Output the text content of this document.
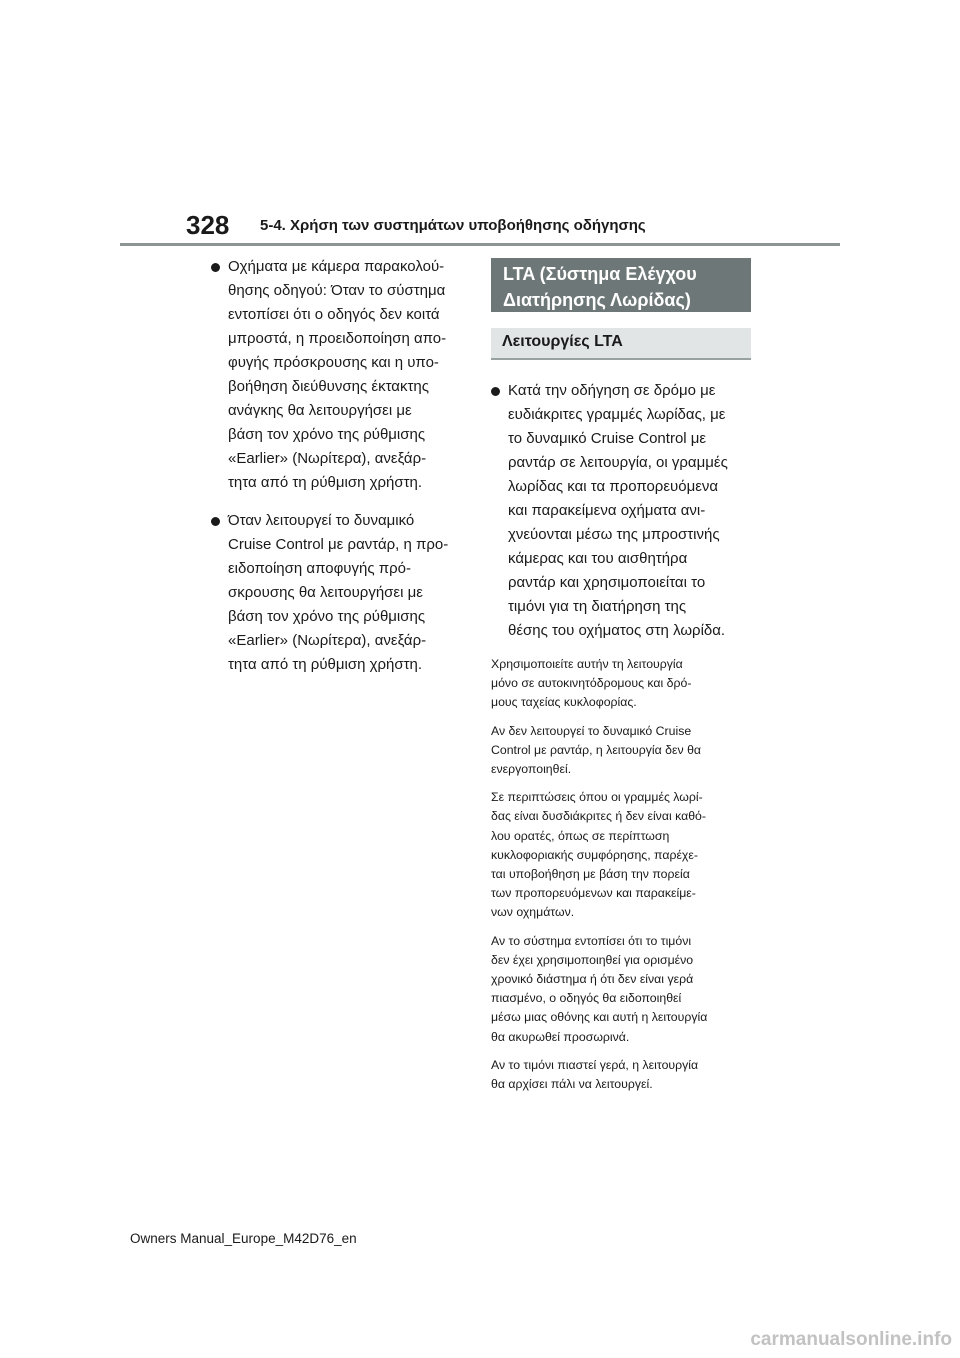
328 5-4. Χρήση των συστημάτων υποβοήθησης οδήγησης
Οχήματα με κάμερα παρακολού-
θησης οδηγού: Όταν το σύστημα
εντοπίσει ότι ο οδηγός δεν κοιτά
μπροστά, η προειδοποίηση απο-
φυγής πρόσκρουσης και η υπο-
βοήθηση διεύθυνσης έκτακτης
ανάγκης θα λειτουργήσει με
βάση τον χρόνο της ρύθμισης
«Earlier» (Νωρίτερα), ανεξάρ-
τητα από τη ρύθμιση χρήστη.
Όταν λειτουργεί το δυναμικό
Cruise Control με ραντάρ, η προ-
ειδοποίηση αποφυγής πρό-
σκρουσης θα λειτουργήσει με
βάση τον χρόνο της ρύθμισης
«Earlier» (Νωρίτερα), ανεξάρ-
τητα από τη ρύθμιση χρήστη.
LTA (Σύστημα Ελέγχου
Διατήρησης Λωρίδας)
Λειτουργίες LTA
Κατά την οδήγηση σε δρόμο με
ευδιάκριτες γραμμές λωρίδας, με
το δυναμικό Cruise Control με
ραντάρ σε λειτουργία, οι γραμμές
λωρίδας και τα προπορευόμενα
και παρακείμενα οχήματα ανι-
χνεύονται μέσω της μπροστινής
κάμερας και του αισθητήρα
ραντάρ και χρησιμοποιείται το
τιμόνι για τη διατήρηση της
θέσης του οχήματος στη λωρίδα.
Χρησιμοποιείτε αυτήν τη λειτουργία
μόνο σε αυτοκινητόδρομους και δρό-
μους ταχείας κυκλοφορίας.
Αν δεν λειτουργεί το δυναμικό Cruise
Control με ραντάρ, η λειτουργία δεν θα
ενεργοποιηθεί.
Σε περιπτώσεις όπου οι γραμμές λωρί-
δας είναι δυσδιάκριτες ή δεν είναι καθό-
λου ορατές, όπως σε περίπτωση
κυκλοφοριακής συμφόρησης, παρέχε-
ται υποβοήθηση με βάση την πορεία
των προπορευόμενων και παρακείμε-
νων οχημάτων.
Αν το σύστημα εντοπίσει ότι το τιμόνι
δεν έχει χρησιμοποιηθεί για ορισμένο
χρονικό διάστημα ή ότι δεν είναι γερά
πιασμένο, ο οδηγός θα ειδοποιηθεί
μέσω μιας οθόνης και αυτή η λειτουργία
θα ακυρωθεί προσωρινά.
Αν το τιμόνι πιαστεί γερά, η λειτουργία
θα αρχίσει πάλι να λειτουργεί.
Owners Manual_Europe_M42D76_en
carmanualsonline.info
